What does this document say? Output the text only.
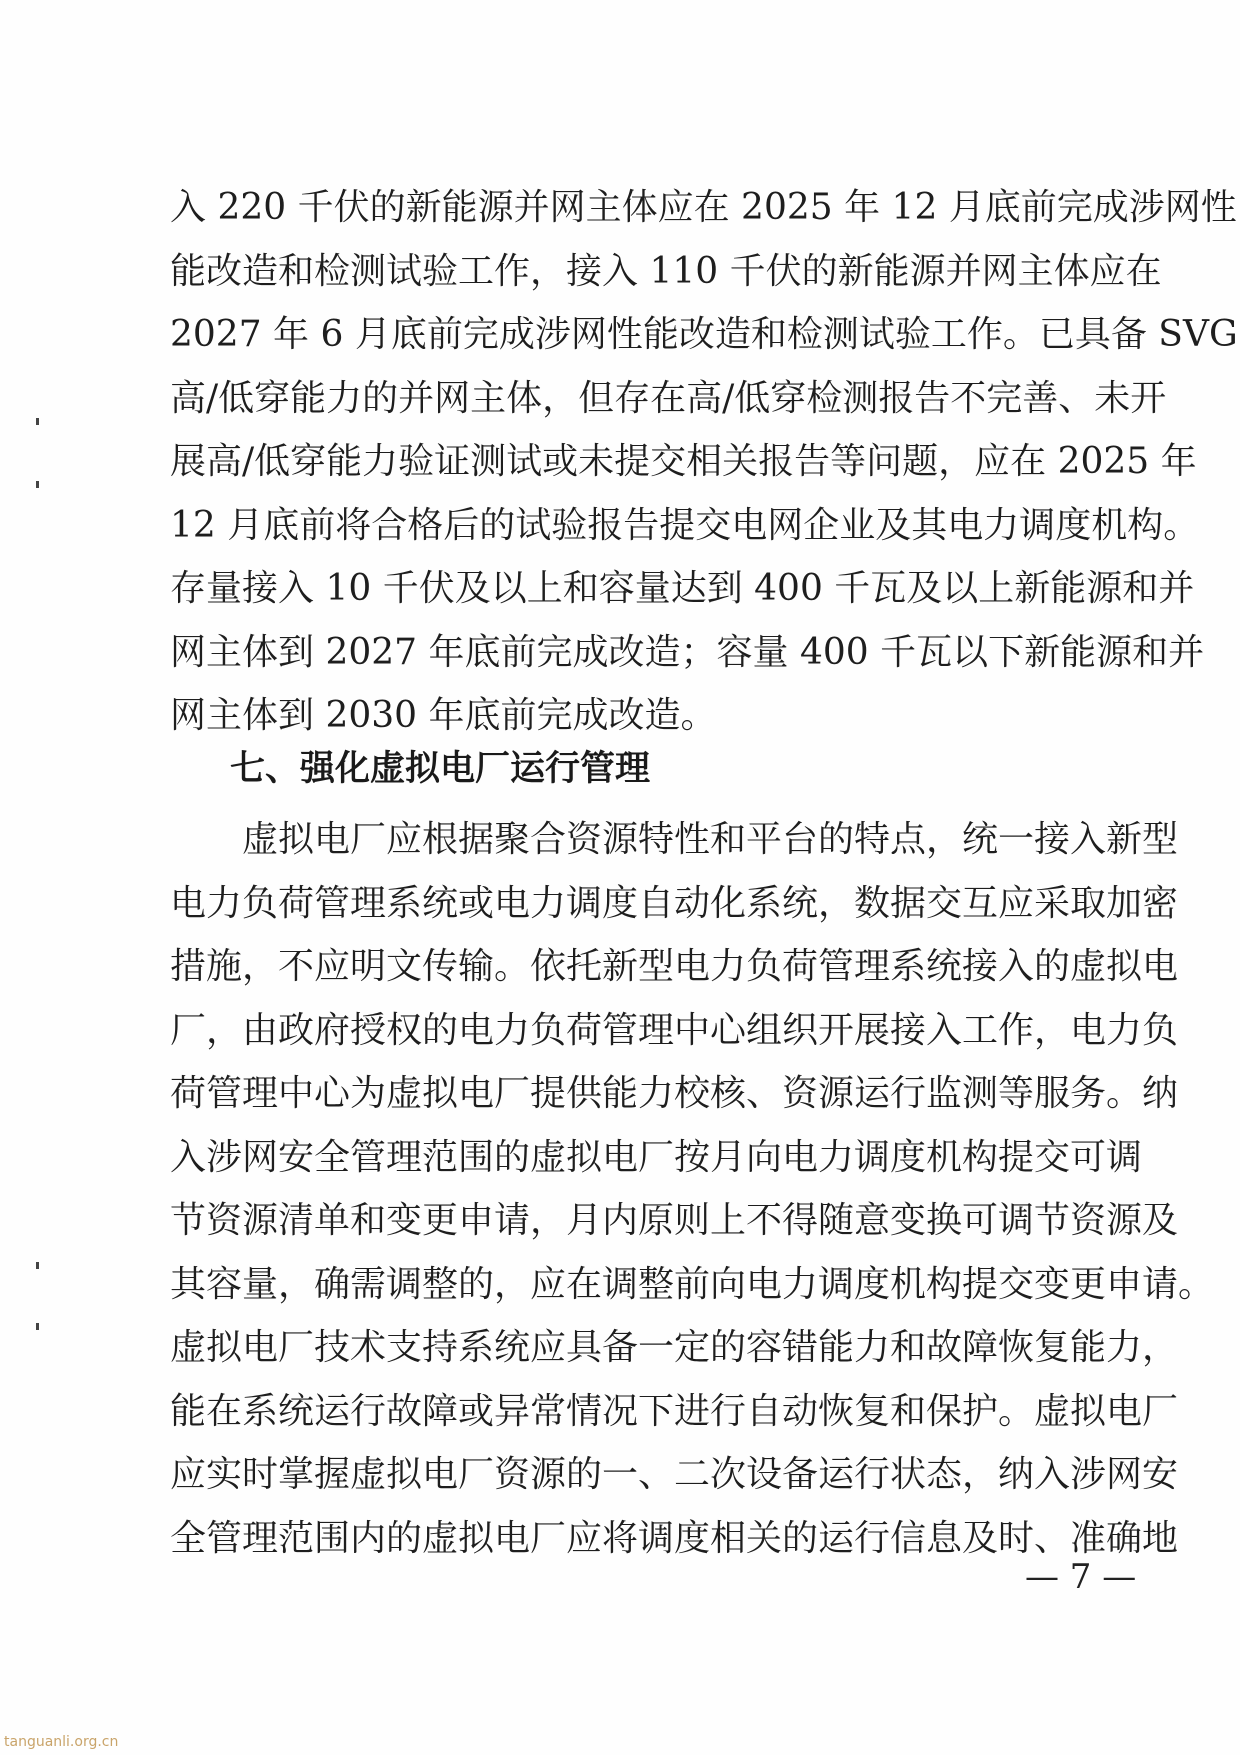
入 220 千伏的新能源并网主体应在 2025 年 12 月底前完成涉网性
能改造和检测试验工作，接入 110 千伏的新能源并网主体应在
2027 年 6 月底前完成涉网性能改造和检测试验工作。已具备 SVG
高/低穿能力的并网主体，但存在高/低穿检测报告不完善、未开
展高/低穿能力验证测试或未提交相关报告等问题，应在 2025 年
12 月底前将合格后的试验报告提交电网企业及其电力调度机构。
存量接入 10 千伏及以上和容量达到 400 千瓦及以上新能源和并
网主体到 2027 年底前完成改造；容量 400 千瓦以下新能源和并
网主体到 2030 年底前完成改造。
七、强化虚拟电厂运行管理
　　虚拟电厂应根据聚合资源特性和平台的特点，统一接入新型
电力负荷管理系统或电力调度自动化系统，数据交互应采取加密
措施，不应明文传输。依托新型电力负荷管理系统接入的虚拟电
厂，由政府授权的电力负荷管理中心组织开展接入工作，电力负
荷管理中心为虚拟电厂提供能力校核、资源运行监测等服务。纳
入涉网安全管理范围的虚拟电厂按月向电力调度机构提交可调
节资源清单和变更申请，月内原则上不得随意变换可调节资源及
其容量，确需调整的，应在调整前向电力调度机构提交变更申请。
虚拟电厂技术支持系统应具备一定的容错能力和故障恢复能力，
能在系统运行故障或异常情况下进行自动恢复和保护。虚拟电厂
应实时掌握虚拟电厂资源的一、二次设备运行状态，纳入涉网安
全管理范围内的虚拟电厂应将调度相关的运行信息及时、准确地
— 7 —
tanguanli.org.cn
